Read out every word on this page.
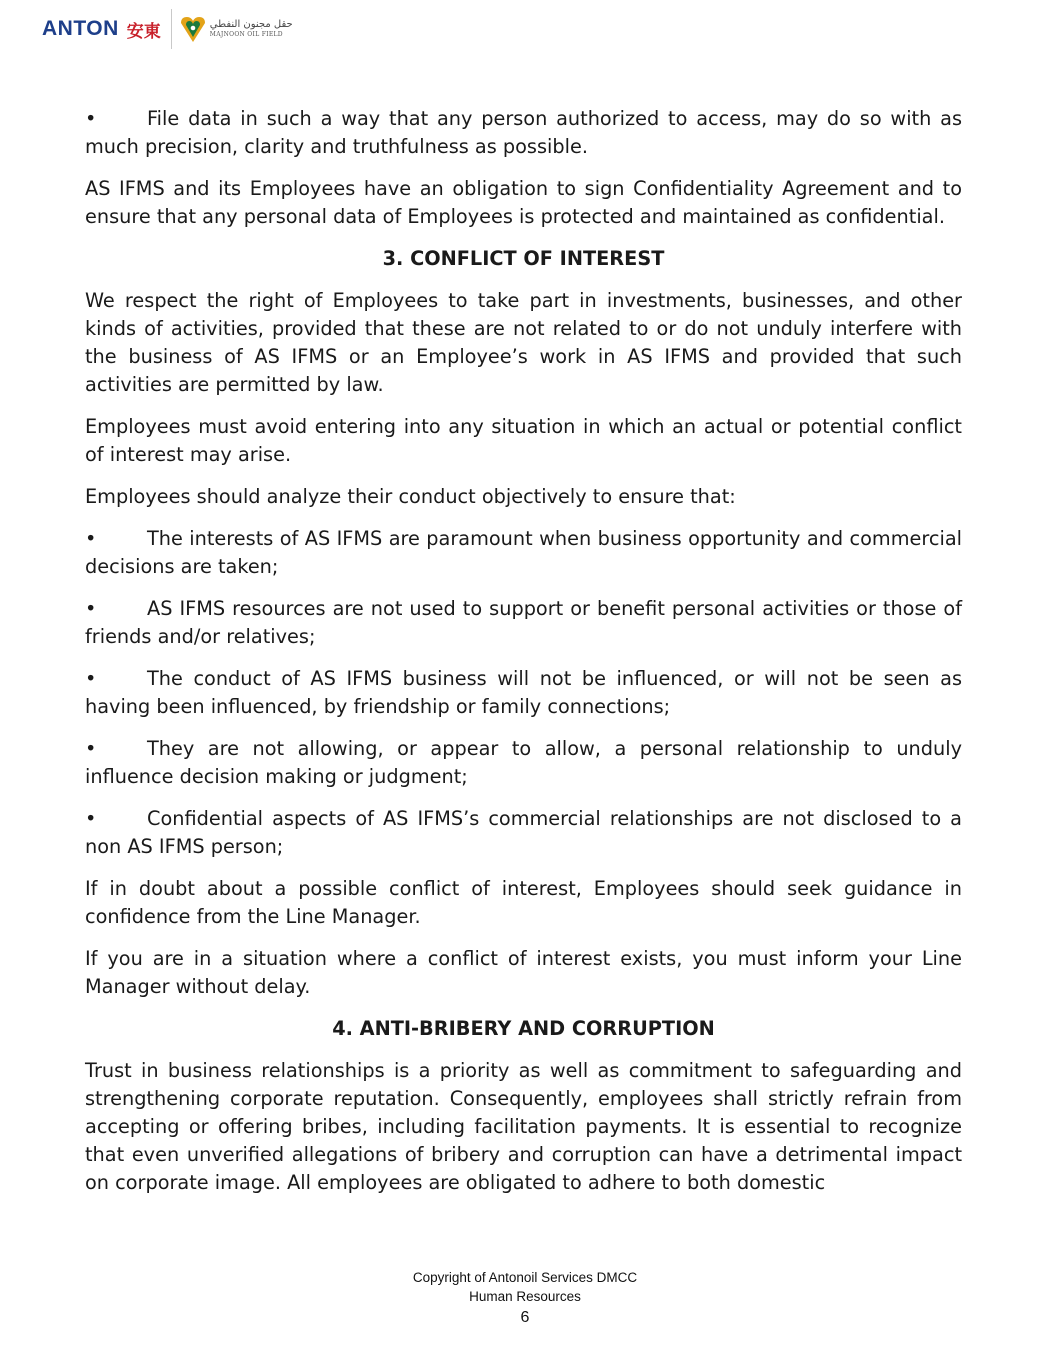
ANTON 安東	حقل مجنون النفطي
MAJNOON OIL FIELD

•	File data in such a way that any person authorized to access, may do so with as much precision, clarity and truthfulness as possible.

AS IFMS and its Employees have an obligation to sign Confidentiality Agreement and to ensure that any personal data of Employees is protected and maintained as confidential.

3. CONFLICT OF INTEREST

We respect the right of Employees to take part in investments, businesses, and other kinds of activities, provided that these are not related to or do not unduly interfere with the business of AS IFMS or an Employee’s work in AS IFMS and provided that such activities are permitted by law.

Employees must avoid entering into any situation in which an actual or potential conflict of interest may arise.

Employees should analyze their conduct objectively to ensure that:

•	The interests of AS IFMS are paramount when business opportunity and commercial decisions are taken;

•	AS IFMS resources are not used to support or benefit personal activities or those of friends and/or relatives;

•	The conduct of AS IFMS business will not be influenced, or will not be seen as having been influenced, by friendship or family connections;

•	They are not allowing, or appear to allow, a personal relationship to unduly influence decision making or judgment;

•	Confidential aspects of AS IFMS’s commercial relationships are not disclosed to a non AS IFMS person;

If in doubt about a possible conflict of interest, Employees should seek guidance in confidence from the Line Manager.

If you are in a situation where a conflict of interest exists, you must inform your Line Manager without delay.

4. ANTI-BRIBERY AND CORRUPTION

Trust in business relationships is a priority as well as commitment to safeguarding and strengthening corporate reputation. Consequently, employees shall strictly refrain from accepting or offering bribes, including facilitation payments. It is essential to recognize that even unverified allegations of bribery and corruption can have a detrimental impact on corporate image. All employees are obligated to adhere to both domestic

Copyright of Antonoil Services DMCC
Human Resources
6
